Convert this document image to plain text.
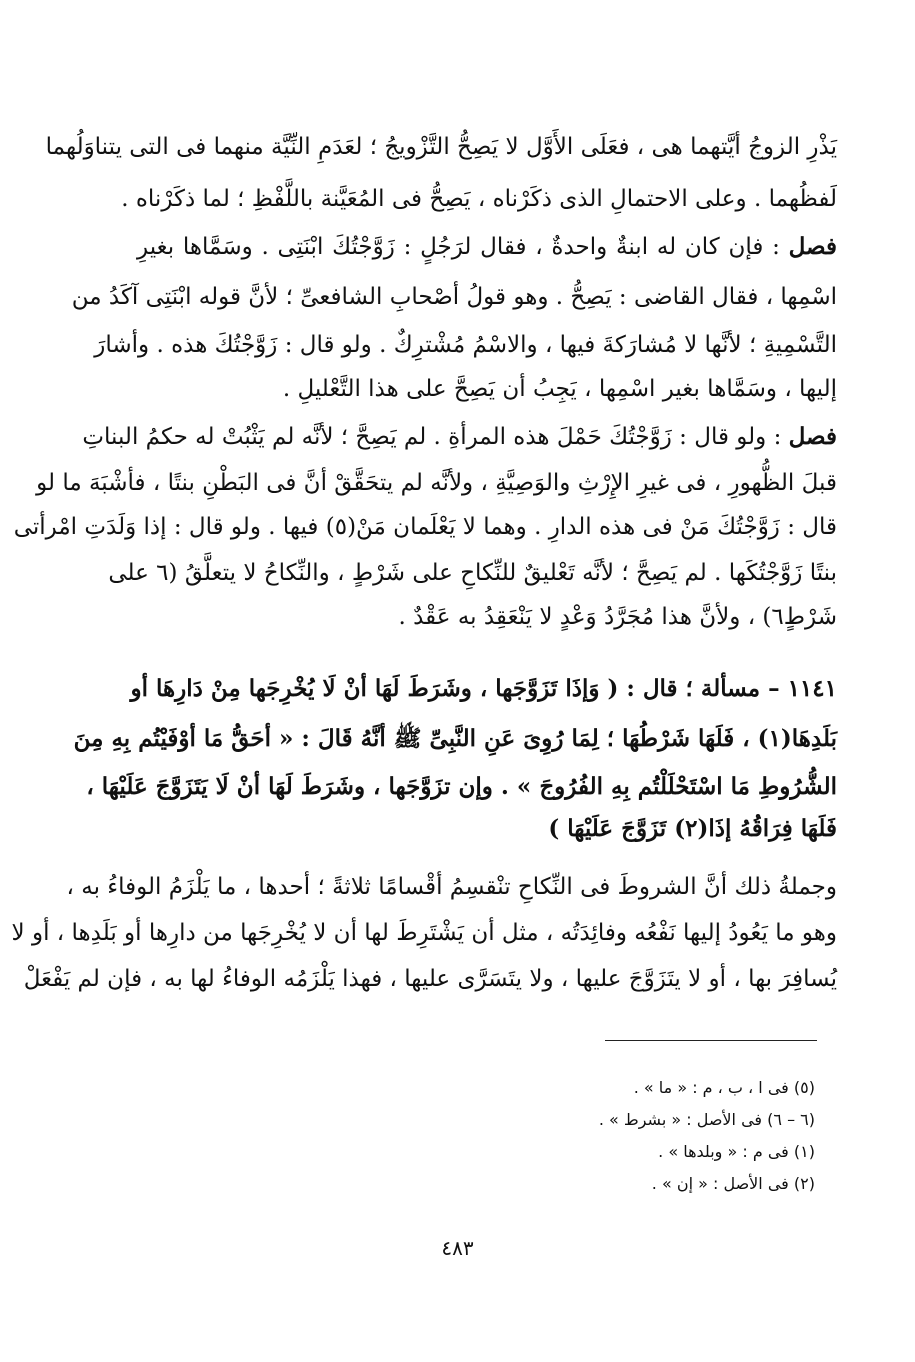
يَذْرِ الزوجُ أيَّتهما هى ، فعَلَى الأَوَّل لا يَصِحُّ التَّزْويجُ ؛ لعَدَمِ النِّيَّة منهما فى التى يتناوَلُهما
لَفظُهما . وعلى الاحتمالِ الذى ذكَرْناه ، يَصِحُّ فى المُعَيَّنة باللَّفْظِ ؛ لما ذكَرْناه .
فصل : فإن كان له ابنةٌ واحدةٌ ، فقال لرَجُلٍ : زَوَّجْتُكَ ابْنَتِى . وسَمَّاها بغيرِ
اسْمِها ، فقال القاضى : يَصِحُّ . وهو قولُ أصْحابِ الشافعىِّ ؛ لأنَّ قوله ابْنَتِى آكَدُ من
التَّسْمِيةِ ؛ لأنَّها لا مُشارَكةَ فيها ، والاسْمُ مُشْترِكٌ . ولو قال : زَوَّجْتُكَ هذه . وأشارَ
إليها ، وسَمَّاها بغير اسْمِها ، يَجِبُ أن يَصِحَّ على هذا التَّعْليلِ .
فصل : ولو قال : زَوَّجْتُكَ حَمْلَ هذه المرأةِ . لم يَصِحَّ ؛ لأنَّه لم يَثْبُتْ له حكمُ البناتِ
قبلَ الظُّهورِ ، فى غيرِ الإِرْثِ والوَصِيَّةِ ، ولأنَّه لم يتحَقَّقْ أنَّ فى البَطْنِ بنتًا ، فأشْبَهَ ما لو
قال : زَوَّجْتُكَ مَنْ فى هذه الدارِ . وهما لا يَعْلَمان مَنْ(٥) فيها . ولو قال : إذا وَلَدَتِ امْرأتى
بنتًا زَوَّجْتُكَها . لم يَصِحَّ ؛ لأنَّه تَعْليقٌ للنِّكاحِ على شَرْطٍ ، والنِّكاحُ لا يتعلَّقُ (٦ على
شَرْطٍ٦) ، ولأنَّ هذا مُجَرَّدُ وَعْدٍ لا يَنْعَقِدُ به عَقْدٌ .
١١٤١ – مسألة ؛ قال : ( وَإذَا تَزَوَّجَها ، وشَرَطَ لَهَا أنْ لَا يُخْرِجَها مِنْ دَارِهَا أو
بَلَدِهَا(١) ، فَلَهَا شَرْطُهَا ؛ لِمَا رُوِىَ عَنِ النَّبِىِّ ﷺ أنَّهُ قَالَ : « أحَقُّ مَا أوْفَيْتُم بِهِ مِنَ
الشُّرُوطِ مَا اسْتَحْلَلْتُم بِهِ الفُرُوجَ » . وإن تزَوَّجَها ، وشَرَطَ لَهَا أنْ لَا يَتَزَوَّجَ عَلَيْهَا ،
فَلَهَا فِرَاقُهُ إذَا(٢) تَزَوَّجَ عَلَيْهَا )
وجملةُ ذلك أنَّ الشروطَ فى النِّكاحِ تنْقسِمُ أقْسامًا ثلاثةً ؛ أحدها ، ما يَلْزَمُ الوفاءُ به ،
وهو ما يَعُودُ إليها نَفْعُه وفائِدَتُه ، مثل أن يَشْتَرِطَ لها أن لا يُخْرِجَها من دارِها أو بَلَدِها ، أو لا
يُسافِرَ بها ، أو لا يتَزَوَّجَ عليها ، ولا يتَسَرَّى عليها ، فهذا يَلْزَمُه الوفاءُ لها به ، فإن لم يَفْعَلْ
(٥) فى ا ، ب ، م : « ما » .
(٦ – ٦) فى الأصل : « بشرط » .
(١) فى م : « وبلدها » .
(٢) فى الأصل : « إن » .
٤٨٣
